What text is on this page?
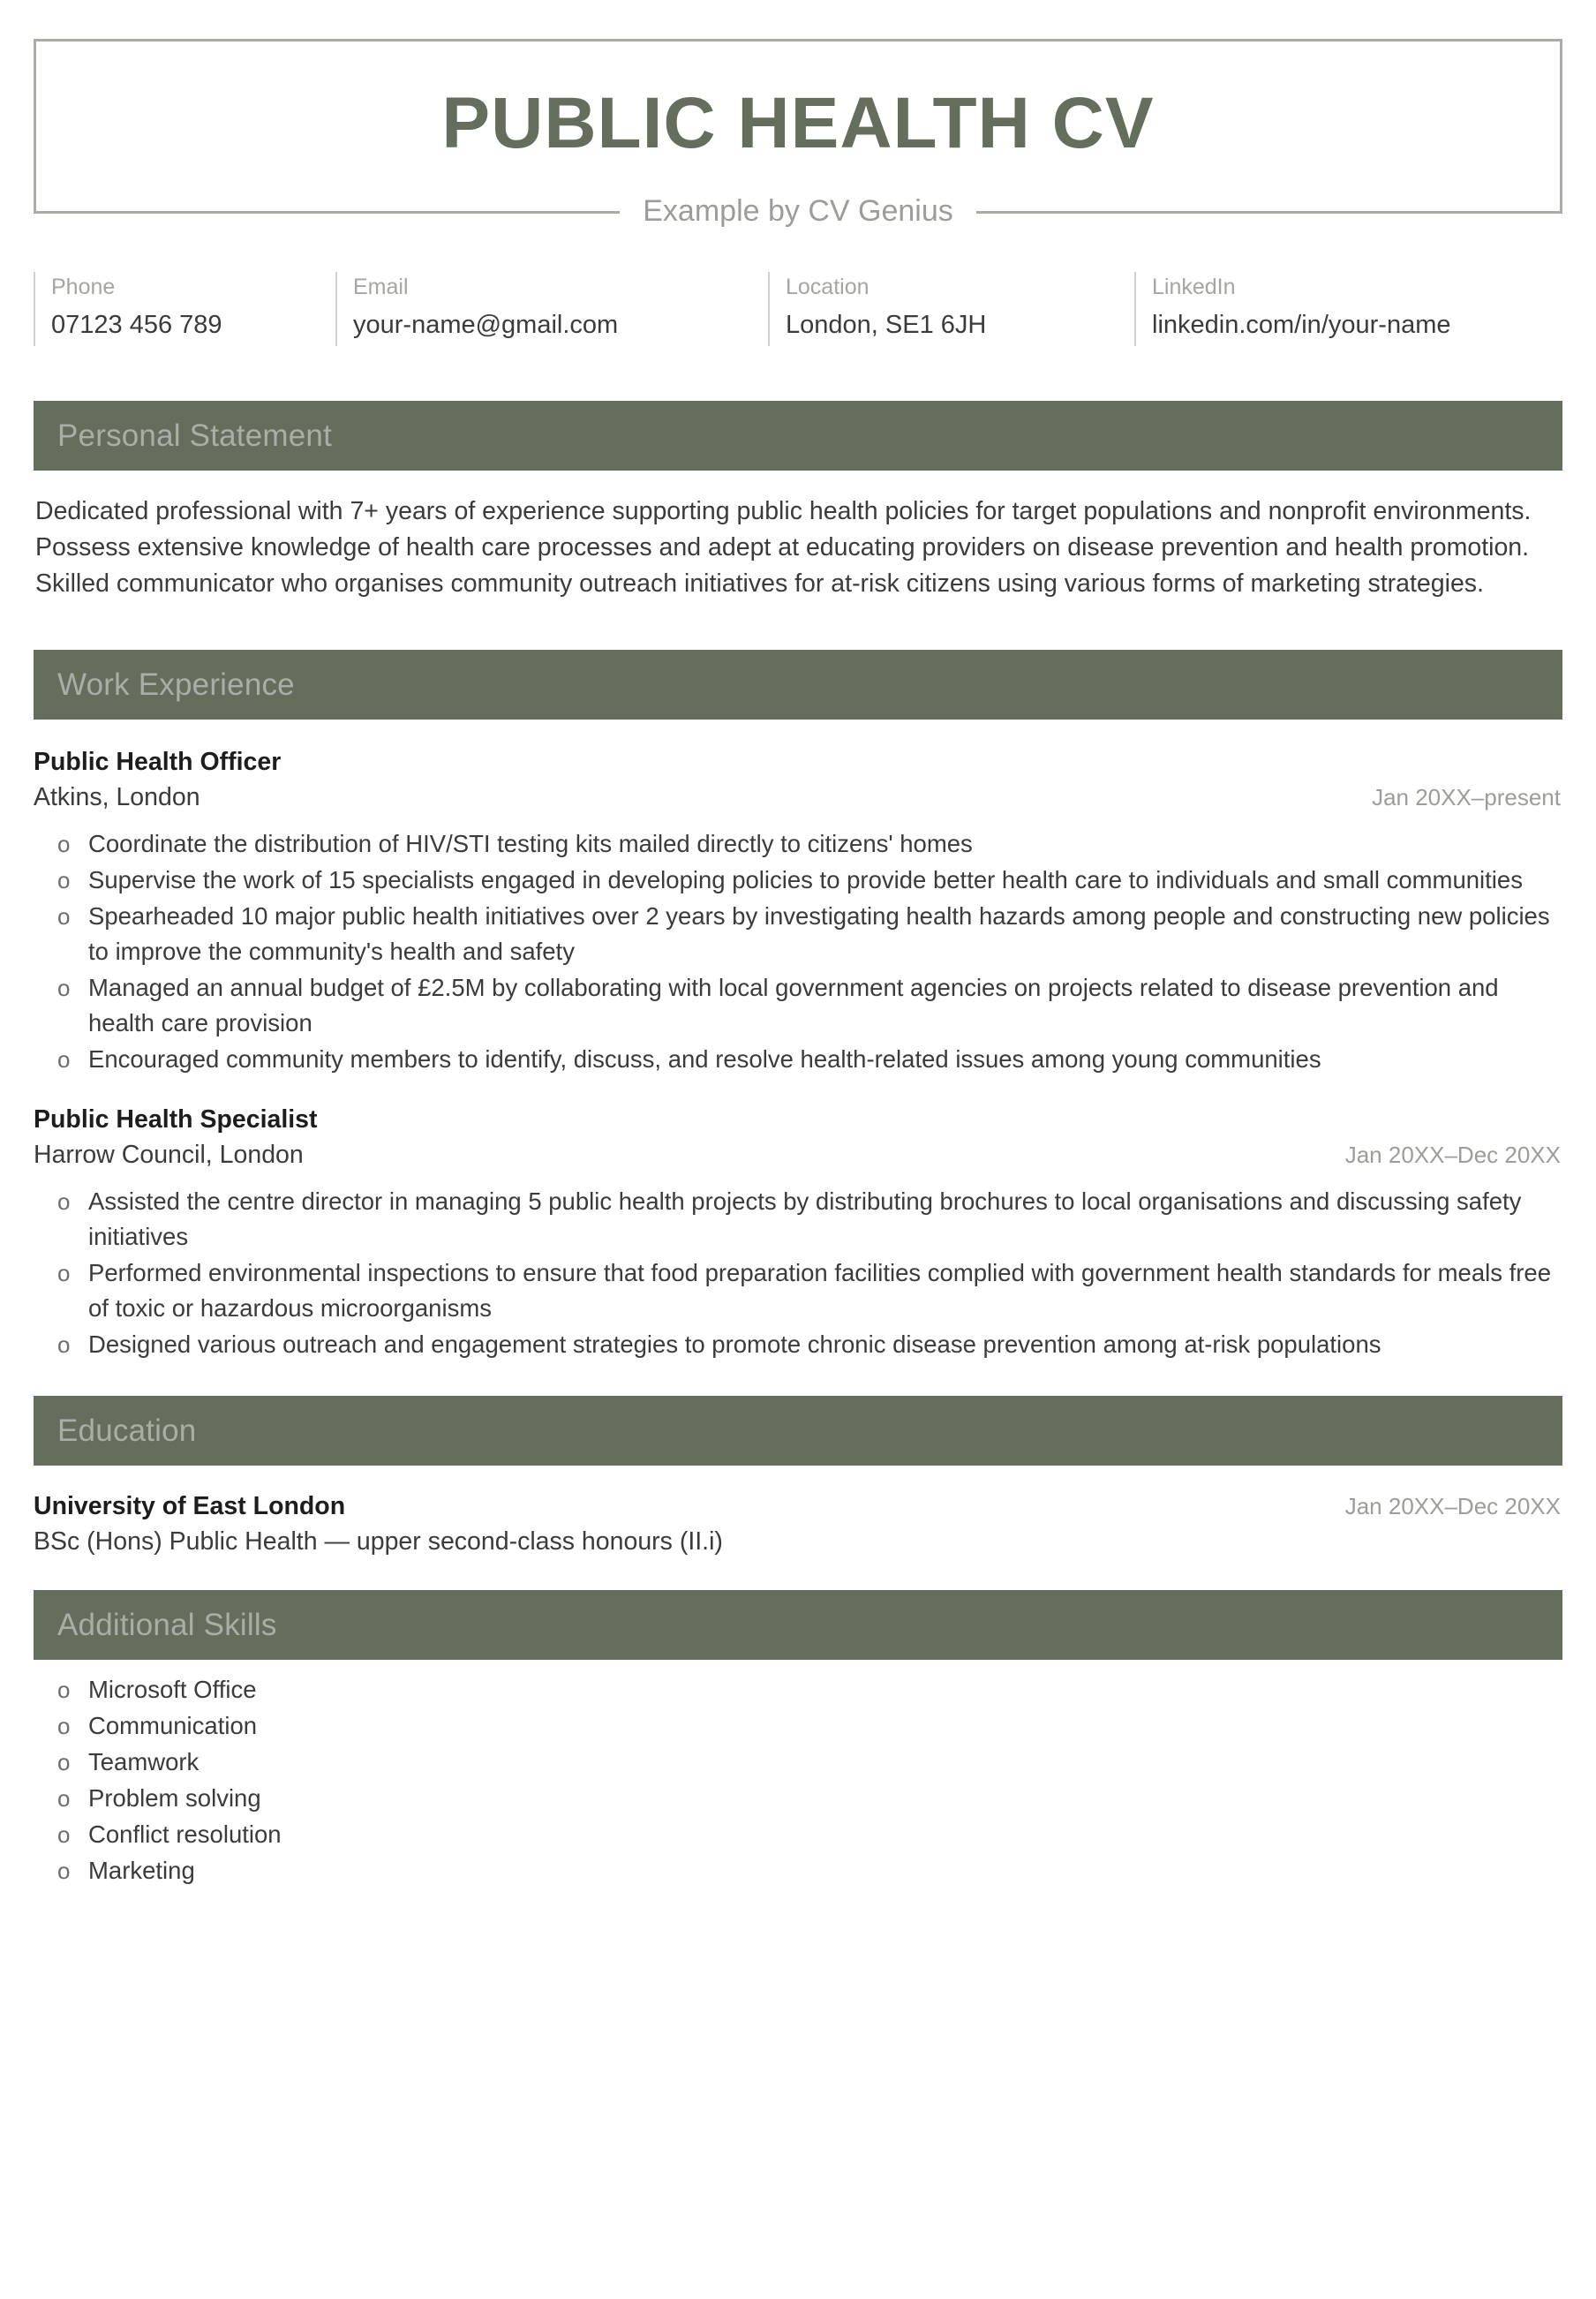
PUBLIC HEALTH CV
Example by CV Genius
Phone
07123 456 789
Email
your-name@gmail.com
Location
London, SE1 6JH
LinkedIn
linkedin.com/in/your-name
Personal Statement

Dedicated professional with 7+ years of experience supporting public health policies for target populations and nonprofit environments. Possess extensive knowledge of health care processes and adept at educating providers on disease prevention and health promotion. Skilled communicator who organises community outreach initiatives for at-risk citizens using various forms of marketing strategies.

Work Experience
Public Health Officer
Atkins, London	Jan 20XX–present
o Coordinate the distribution of HIV/STI testing kits mailed directly to citizens' homes
o Supervise the work of 15 specialists engaged in developing policies to provide better health care to individuals and small communities
o Spearheaded 10 major public health initiatives over 2 years by investigating health hazards among people and constructing new policies to improve the community's health and safety
o Managed an annual budget of £2.5M by collaborating with local government agencies on projects related to disease prevention and health care provision
o Encouraged community members to identify, discuss, and resolve health-related issues among young communities
Public Health Specialist
Harrow Council, London	Jan 20XX–Dec 20XX
o Assisted the centre director in managing 5 public health projects by distributing brochures to local organisations and discussing safety initiatives
o Performed environmental inspections to ensure that food preparation facilities complied with government health standards for meals free of toxic or hazardous microorganisms
o Designed various outreach and engagement strategies to promote chronic disease prevention among at-risk populations
Education
University of East London	Jan 20XX–Dec 20XX
BSc (Hons) Public Health — upper second-class honours (II.i)
Additional Skills
o Microsoft Office
o Communication
o Teamwork
o Problem solving
o Conflict resolution
o Marketing
